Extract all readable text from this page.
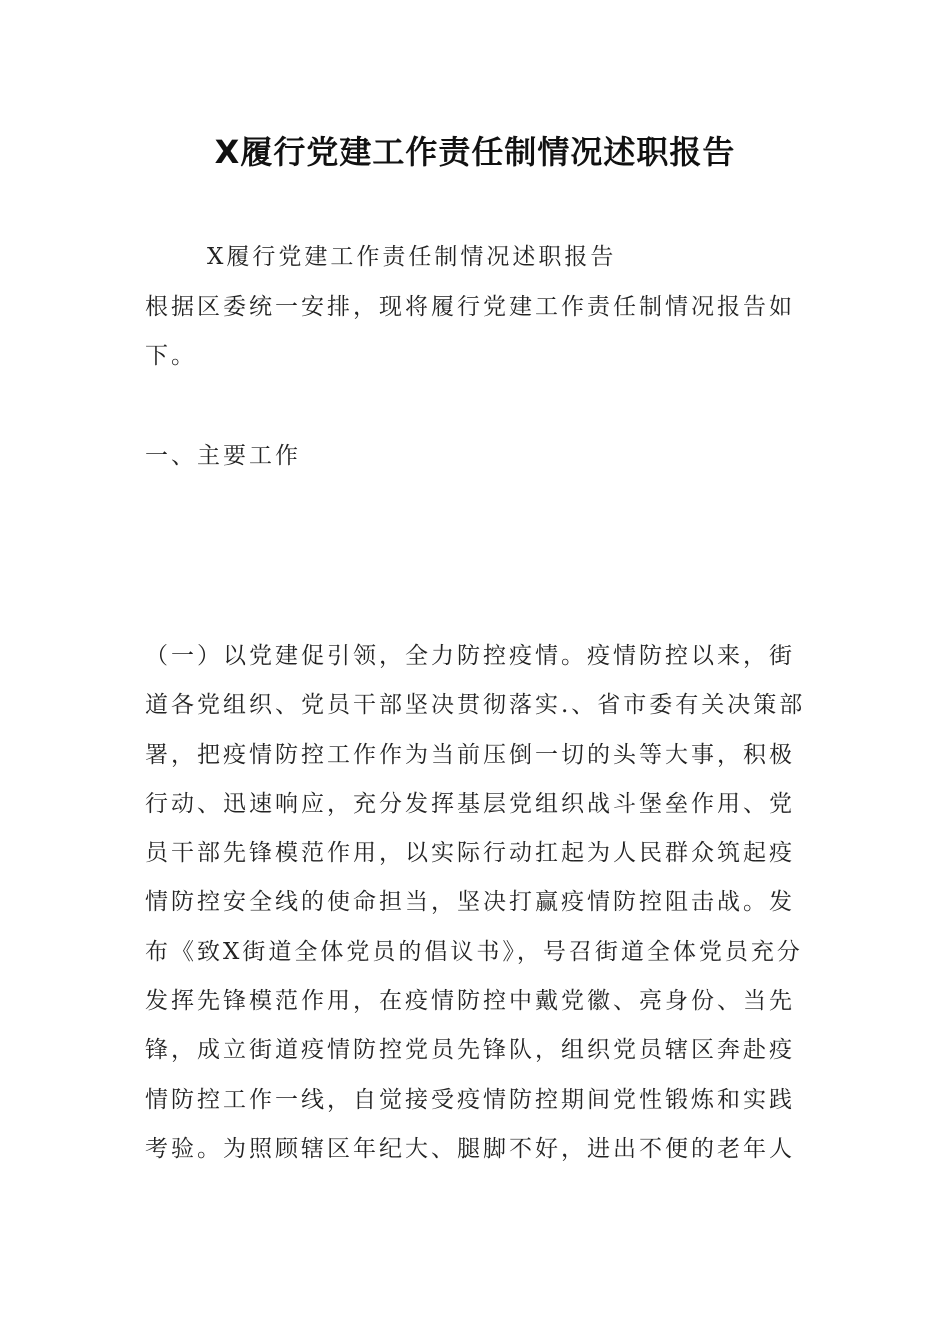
X履行党建工作责任制情况述职报告
X履行党建工作责任制情况述职报告
根据区委统一安排，现将履行党建工作责任制情况报告如下。
一、主要工作
（一）以党建促引领，全力防控疫情。疫情防控以来，街道各党组织、党员干部坚决贯彻落实.、省市委有关决策部署，把疫情防控工作作为当前压倒一切的头等大事，积极行动、迅速响应，充分发挥基层党组织战斗堡垒作用、党员干部先锋模范作用，以实际行动扛起为人民群众筑起疫情防控安全线的使命担当，坚决打赢疫情防控阻击战。发布《致X街道全体党员的倡议书》，号召街道全体党员充分发挥先锋模范作用，在疫情防控中戴党徽、亮身份、当先锋，成立街道疫情防控党员先锋队，组织党员辖区奔赴疫情防控工作一线，自觉接受疫情防控期间党性锻炼和实践考验。为照顾辖区年纪大、腿脚不好，进出不便的老年人
